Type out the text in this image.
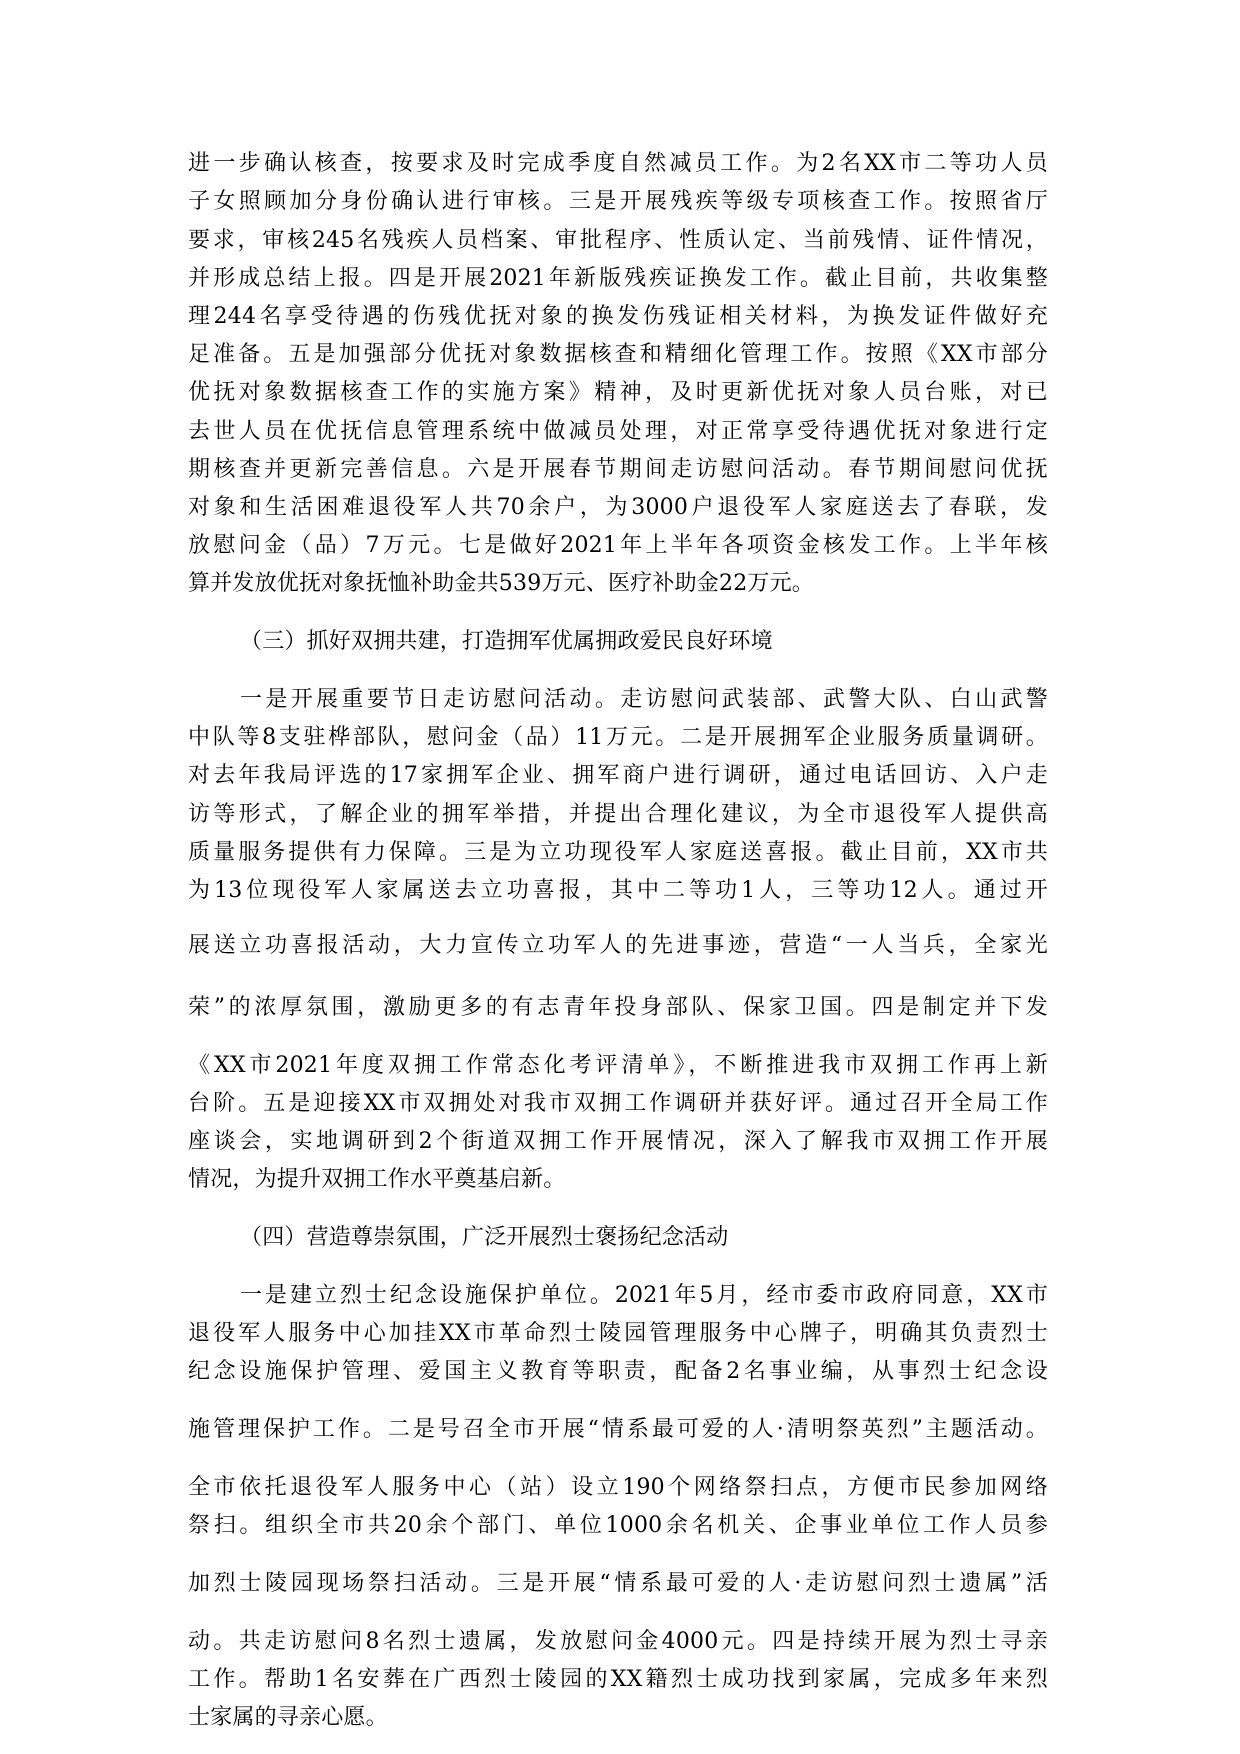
进一步确认核查，按要求及时完成季度自然减员工作。为2名XX市二等功人员
子女照顾加分身份确认进行审核。三是开展残疾等级专项核查工作。按照省厅
要求，审核245名残疾人员档案、审批程序、性质认定、当前残情、证件情况，
并形成总结上报。四是开展2021年新版残疾证换发工作。截止目前，共收集整
理244名享受待遇的伤残优抚对象的换发伤残证相关材料，为换发证件做好充
足准备。五是加强部分优抚对象数据核查和精细化管理工作。按照《XX市部分
优抚对象数据核查工作的实施方案》精神，及时更新优抚对象人员台账，对已
去世人员在优抚信息管理系统中做减员处理，对正常享受待遇优抚对象进行定
期核查并更新完善信息。六是开展春节期间走访慰问活动。春节期间慰问优抚
对象和生活困难退役军人共70余户，为3000户退役军人家庭送去了春联，发
放慰问金（品）7万元。七是做好2021年上半年各项资金核发工作。上半年核
算并发放优抚对象抚恤补助金共539万元、医疗补助金22万元。
（三）抓好双拥共建，打造拥军优属拥政爱民良好环境
一是开展重要节日走访慰问活动。走访慰问武装部、武警大队、白山武警
中队等8支驻桦部队，慰问金（品）11万元。二是开展拥军企业服务质量调研。
对去年我局评选的17家拥军企业、拥军商户进行调研，通过电话回访、入户走
访等形式，了解企业的拥军举措，并提出合理化建议，为全市退役军人提供高
质量服务提供有力保障。三是为立功现役军人家庭送喜报。截止目前，XX市共
为13位现役军人家属送去立功喜报，其中二等功1人，三等功12人。通过开
展送立功喜报活动，大力宣传立功军人的先进事迹，营造“一人当兵，全家光
荣”的浓厚氛围，激励更多的有志青年投身部队、保家卫国。四是制定并下发
《XX市2021年度双拥工作常态化考评清单》，不断推进我市双拥工作再上新
台阶。五是迎接XX市双拥处对我市双拥工作调研并获好评。通过召开全局工作
座谈会，实地调研到2个街道双拥工作开展情况，深入了解我市双拥工作开展
情况，为提升双拥工作水平奠基启新。
（四）营造尊崇氛围，广泛开展烈士褒扬纪念活动
一是建立烈士纪念设施保护单位。2021年5月，经市委市政府同意，XX市
退役军人服务中心加挂XX市革命烈士陵园管理服务中心牌子，明确其负责烈士
纪念设施保护管理、爱国主义教育等职责，配备2名事业编，从事烈士纪念设
施管理保护工作。二是号召全市开展“情系最可爱的人·清明祭英烈”主题活动。
全市依托退役军人服务中心（站）设立190个网络祭扫点，方便市民参加网络
祭扫。组织全市共20余个部门、单位1000余名机关、企事业单位工作人员参
加烈士陵园现场祭扫活动。三是开展“情系最可爱的人·走访慰问烈士遗属”活
动。共走访慰问8名烈士遗属，发放慰问金4000元。四是持续开展为烈士寻亲
工作。帮助1名安葬在广西烈士陵园的XX籍烈士成功找到家属，完成多年来烈
士家属的寻亲心愿。
